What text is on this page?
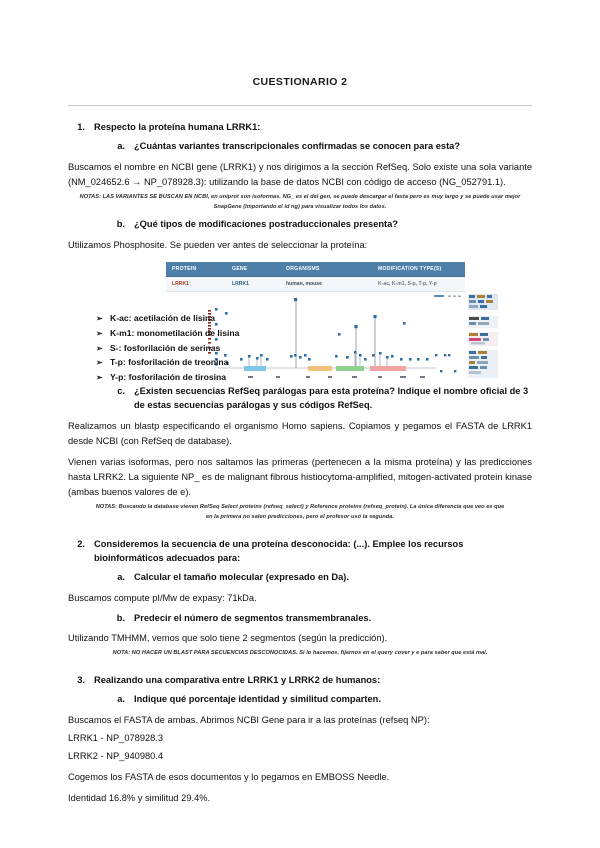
CUESTIONARIO 2
1. Respecto la proteína humana LRRK1:
a. ¿Cuántas variantes transcripcionales confirmadas se conocen para esta?

Buscamos el nombre en NCBI gene (LRRK1) y nos dirigimos a la sección RefSeq. Solo existe una sola variante (NM_024652.6 → NP_078928.3): utilizando la base de datos NCBI con código de acceso (NG_052791.1).

NOTAS: LAS VARIANTES SE BUSCAN EN NCBI, en uniprot son isoformas. NG_ es el del gen, se puede descargar el fasta pero es muy largo y se puede usar mejor SnapGene (importando el id ng) para visualizar todos los datos.

b. ¿Qué tipos de modificaciones postraduccionales presenta?

Utilizamos Phosphosite. Se pueden ver antes de seleccionar la proteína:

PROTEIN	GENE	ORGANISMS	MODIFICATION TYPE(S)
LRRK1	LRRK1	human, mouse	K-ac, K-m1, S-p, T-p, Y-p
➢ K-ac: acetilación de lisina
➢ K-m1: monometilación de lisina
➢ S-: fosforilación de serinas
➢ T-p: fosforilación de treonina
➢ Y-p: fosforilación de tirosina
c. ¿Existen secuencias RefSeq parálogas para esta proteína? Indique el nombre oficial de 3 de estas secuencias parálogas y sus códigos RefSeq.

Realizamos un blastp especificando el organismo Homo sapiens. Copiamos y pegamos el FASTA de LRRK1 desde NCBI (con RefSeq de database).

Vienen varias isoformas, pero nos saltamos las primeras (pertenecen a la misma proteína) y las predicciones hasta LRRK2. La siguiente NP_ es de malignant fibrous histiocytoma-amplified, mitogen-activated protein kinase (ambas buenos valores de e).

NOTAS: Buscando la database vienen RefSeq Select proteins (refseq_select) y Reference proteins (refseq_protein). La única diferencia que veo es que en la primera no salen predicciones, pero el profesor usó la segunda.

2. Consideremos la secuencia de una proteína desconocida: (...). Emplee los recursos bioinformáticos adecuados para:
a. Calcular el tamaño molecular (expresado en Da).

Buscamos compute pI/Mw de expasy: 71kDa.

b. Predecir el número de segmentos transmembranales.

Utilizando TMHMM, vemos que solo tiene 2 segmentos (según la predicción).

NOTA: NO HACER UN BLAST PARA SECUENCIAS DESCONOCIDAS. Si lo hacemos, fijarnos en el query cover y e para saber que está mal.

3. Realizando una comparativa entre LRRK1 y LRRK2 de humanos:
a. Indique qué porcentaje identidad y similitud comparten.

Buscamos el FASTA de ambas. Abrimos NCBI Gene para ir a las proteínas (refseq NP):

LRRK1 - NP_078928.3

LRRK2 - NP_940980.4

Cogemos los FASTA de esos documentos y lo pegamos en EMBOSS Needle.

Identidad 16.8% y similitud 29.4%.
